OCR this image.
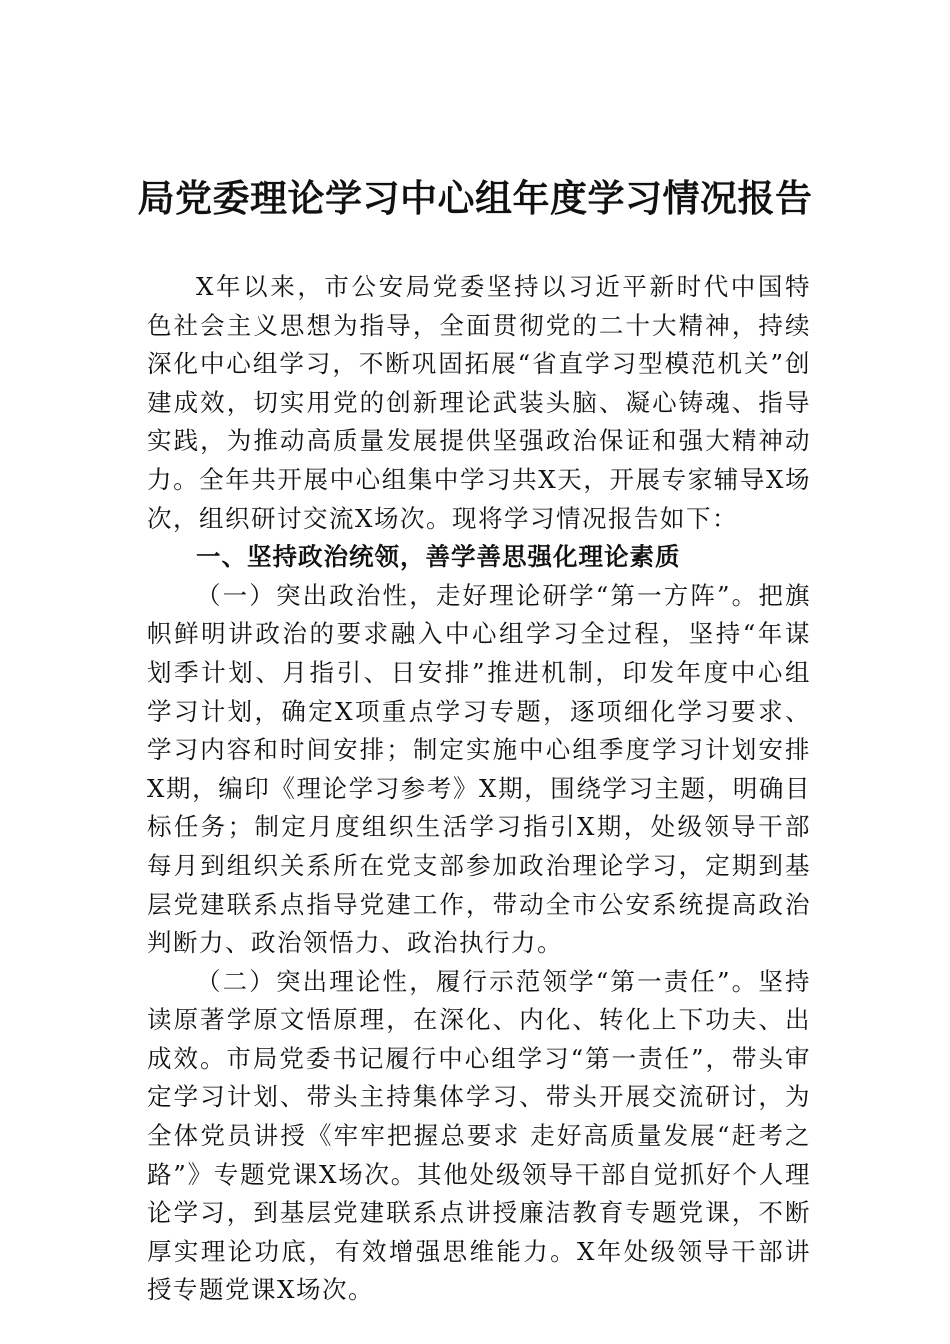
局党委理论学习中心组年度学习情况报告

X年以来，市公安局党委坚持以习近平新时代中国特色社会主义思想为指导，全面贯彻党的二十大精神，持续深化中心组学习，不断巩固拓展“省直学习型模范机关”创建成效，切实用党的创新理论武装头脑、凝心铸魂、指导实践，为推动高质量发展提供坚强政治保证和强大精神动力。全年共开展中心组集中学习共X天，开展专家辅导X场次，组织研讨交流X场次。现将学习情况报告如下：

一、坚持政治统领，善学善思强化理论素质

（一）突出政治性，走好理论研学“第一方阵”。把旗帜鲜明讲政治的要求融入中心组学习全过程，坚持“年谋划季计划、月指引、日安排”推进机制，印发年度中心组学习计划，确定X项重点学习专题，逐项细化学习要求、学习内容和时间安排；制定实施中心组季度学习计划安排X期，编印《理论学习参考》X期，围绕学习主题，明确目标任务；制定月度组织生活学习指引X期，处级领导干部每月到组织关系所在党支部参加政治理论学习，定期到基层党建联系点指导党建工作，带动全市公安系统提高政治判断力、政治领悟力、政治执行力。

（二）突出理论性，履行示范领学“第一责任”。坚持读原著学原文悟原理，在深化、内化、转化上下功夫、出成效。市局党委书记履行中心组学习“第一责任”，带头审定学习计划、带头主持集体学习、带头开展交流研讨，为全体党员讲授《牢牢把握总要求 走好高质量发展“赶考之路”》专题党课X场次。其他处级领导干部自觉抓好个人理论学习，到基层党建联系点讲授廉洁教育专题党课，不断厚实理论功底，有效增强思维能力。X年处级领导干部讲授专题党课X场次。
